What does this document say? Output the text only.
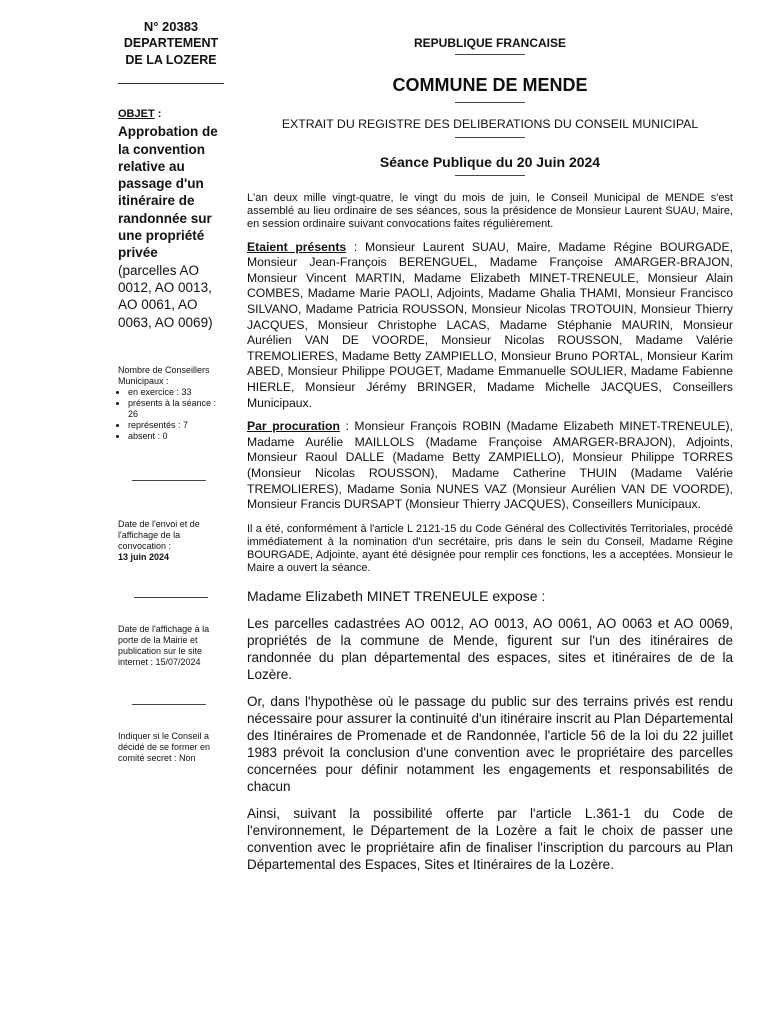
N° 20383
DEPARTEMENT
DE LA LOZERE
OBJET :
Approbation de la convention relative au passage d'un itinéraire de randonnée sur une propriété privée
(parcelles AO 0012, AO 0013, AO 0061, AO 0063, AO 0069)
Nombre de Conseillers Municipaux :
• en exercice : 33
• présents à la séance : 26
• représentés : 7
• absent : 0
Date de l'envoi et de l'affichage de la convocation :
13 juin 2024
Date de l'affichage à la porte de la Mairie et publication sur le site internet : 15/07/2024
Indiquer si le Conseil a décidé de se former en comité secret : Non
REPUBLIQUE FRANCAISE
COMMUNE DE MENDE
EXTRAIT DU REGISTRE DES DELIBERATIONS DU CONSEIL MUNICIPAL
Séance Publique du 20 Juin 2024

L'an deux mille vingt-quatre, le vingt du mois de juin, le Conseil Municipal de MENDE s'est assemblé au lieu ordinaire de ses séances, sous la présidence de Monsieur Laurent SUAU, Maire, en session ordinaire suivant convocations faites régulièrement.

Etaient présents : Monsieur Laurent SUAU, Maire, Madame Régine BOURGADE, Monsieur Jean-François BERENGUEL, Madame Françoise AMARGER-BRAJON, Monsieur Vincent MARTIN, Madame Elizabeth MINET-TRENEULE, Monsieur Alain COMBES, Madame Marie PAOLI, Adjoints, Madame Ghalia THAMI, Monsieur Francisco SILVANO, Madame Patricia ROUSSON, Monsieur Nicolas TROTOUIN, Monsieur Thierry JACQUES, Monsieur Christophe LACAS, Madame Stéphanie MAURIN, Monsieur Aurélien VAN DE VOORDE, Monsieur Nicolas ROUSSON, Madame Valérie TREMOLIERES, Madame Betty ZAMPIELLO, Monsieur Bruno PORTAL, Monsieur Karim ABED, Monsieur Philippe POUGET, Madame Emmanuelle SOULIER, Madame Fabienne HIERLE, Monsieur Jérémy BRINGER, Madame Michelle JACQUES, Conseillers Municipaux.

Par procuration : Monsieur François ROBIN (Madame Elizabeth MINET-TRENEULE), Madame Aurélie MAILLOLS (Madame Françoise AMARGER-BRAJON), Adjoints, Monsieur Raoul DALLE (Madame Betty ZAMPIELLO), Monsieur Philippe TORRES (Monsieur Nicolas ROUSSON), Madame Catherine THUIN (Madame Valérie TREMOLIERES), Madame Sonia NUNES VAZ (Monsieur Aurélien VAN DE VOORDE), Monsieur Francis DURSAPT (Monsieur Thierry JACQUES), Conseillers Municipaux.

Il a été, conformément à l'article L 2121-15 du Code Général des Collectivités Territoriales, procédé immédiatement à la nomination d'un secrétaire, pris dans le sein du Conseil, Madame Régine BOURGADE, Adjointe, ayant été désignée pour remplir ces fonctions, les a acceptées. Monsieur le Maire a ouvert la séance.

Madame Elizabeth MINET TRENEULE expose :

Les parcelles cadastrées AO 0012, AO 0013, AO 0061, AO 0063 et AO 0069, propriétés de la commune de Mende, figurent sur l'un des itinéraires de randonnée du plan départemental des espaces, sites et itinéraires de de la Lozère.

Or, dans l'hypothèse où le passage du public sur des terrains privés est rendu nécessaire pour assurer la continuité d'un itinéraire inscrit au Plan Départemental des Itinéraires de Promenade et de Randonnée, l'article 56 de la loi du 22 juillet 1983 prévoit la conclusion d'une convention avec le propriétaire des parcelles concernées pour définir notamment les engagements et responsabilités de chacun

Ainsi, suivant la possibilité offerte par l'article L.361-1 du Code de l'environnement, le Département de la Lozère a fait le choix de passer une convention avec le propriétaire afin de finaliser l'inscription du parcours au Plan Départemental des Espaces, Sites et Itinéraires de la Lozère.
